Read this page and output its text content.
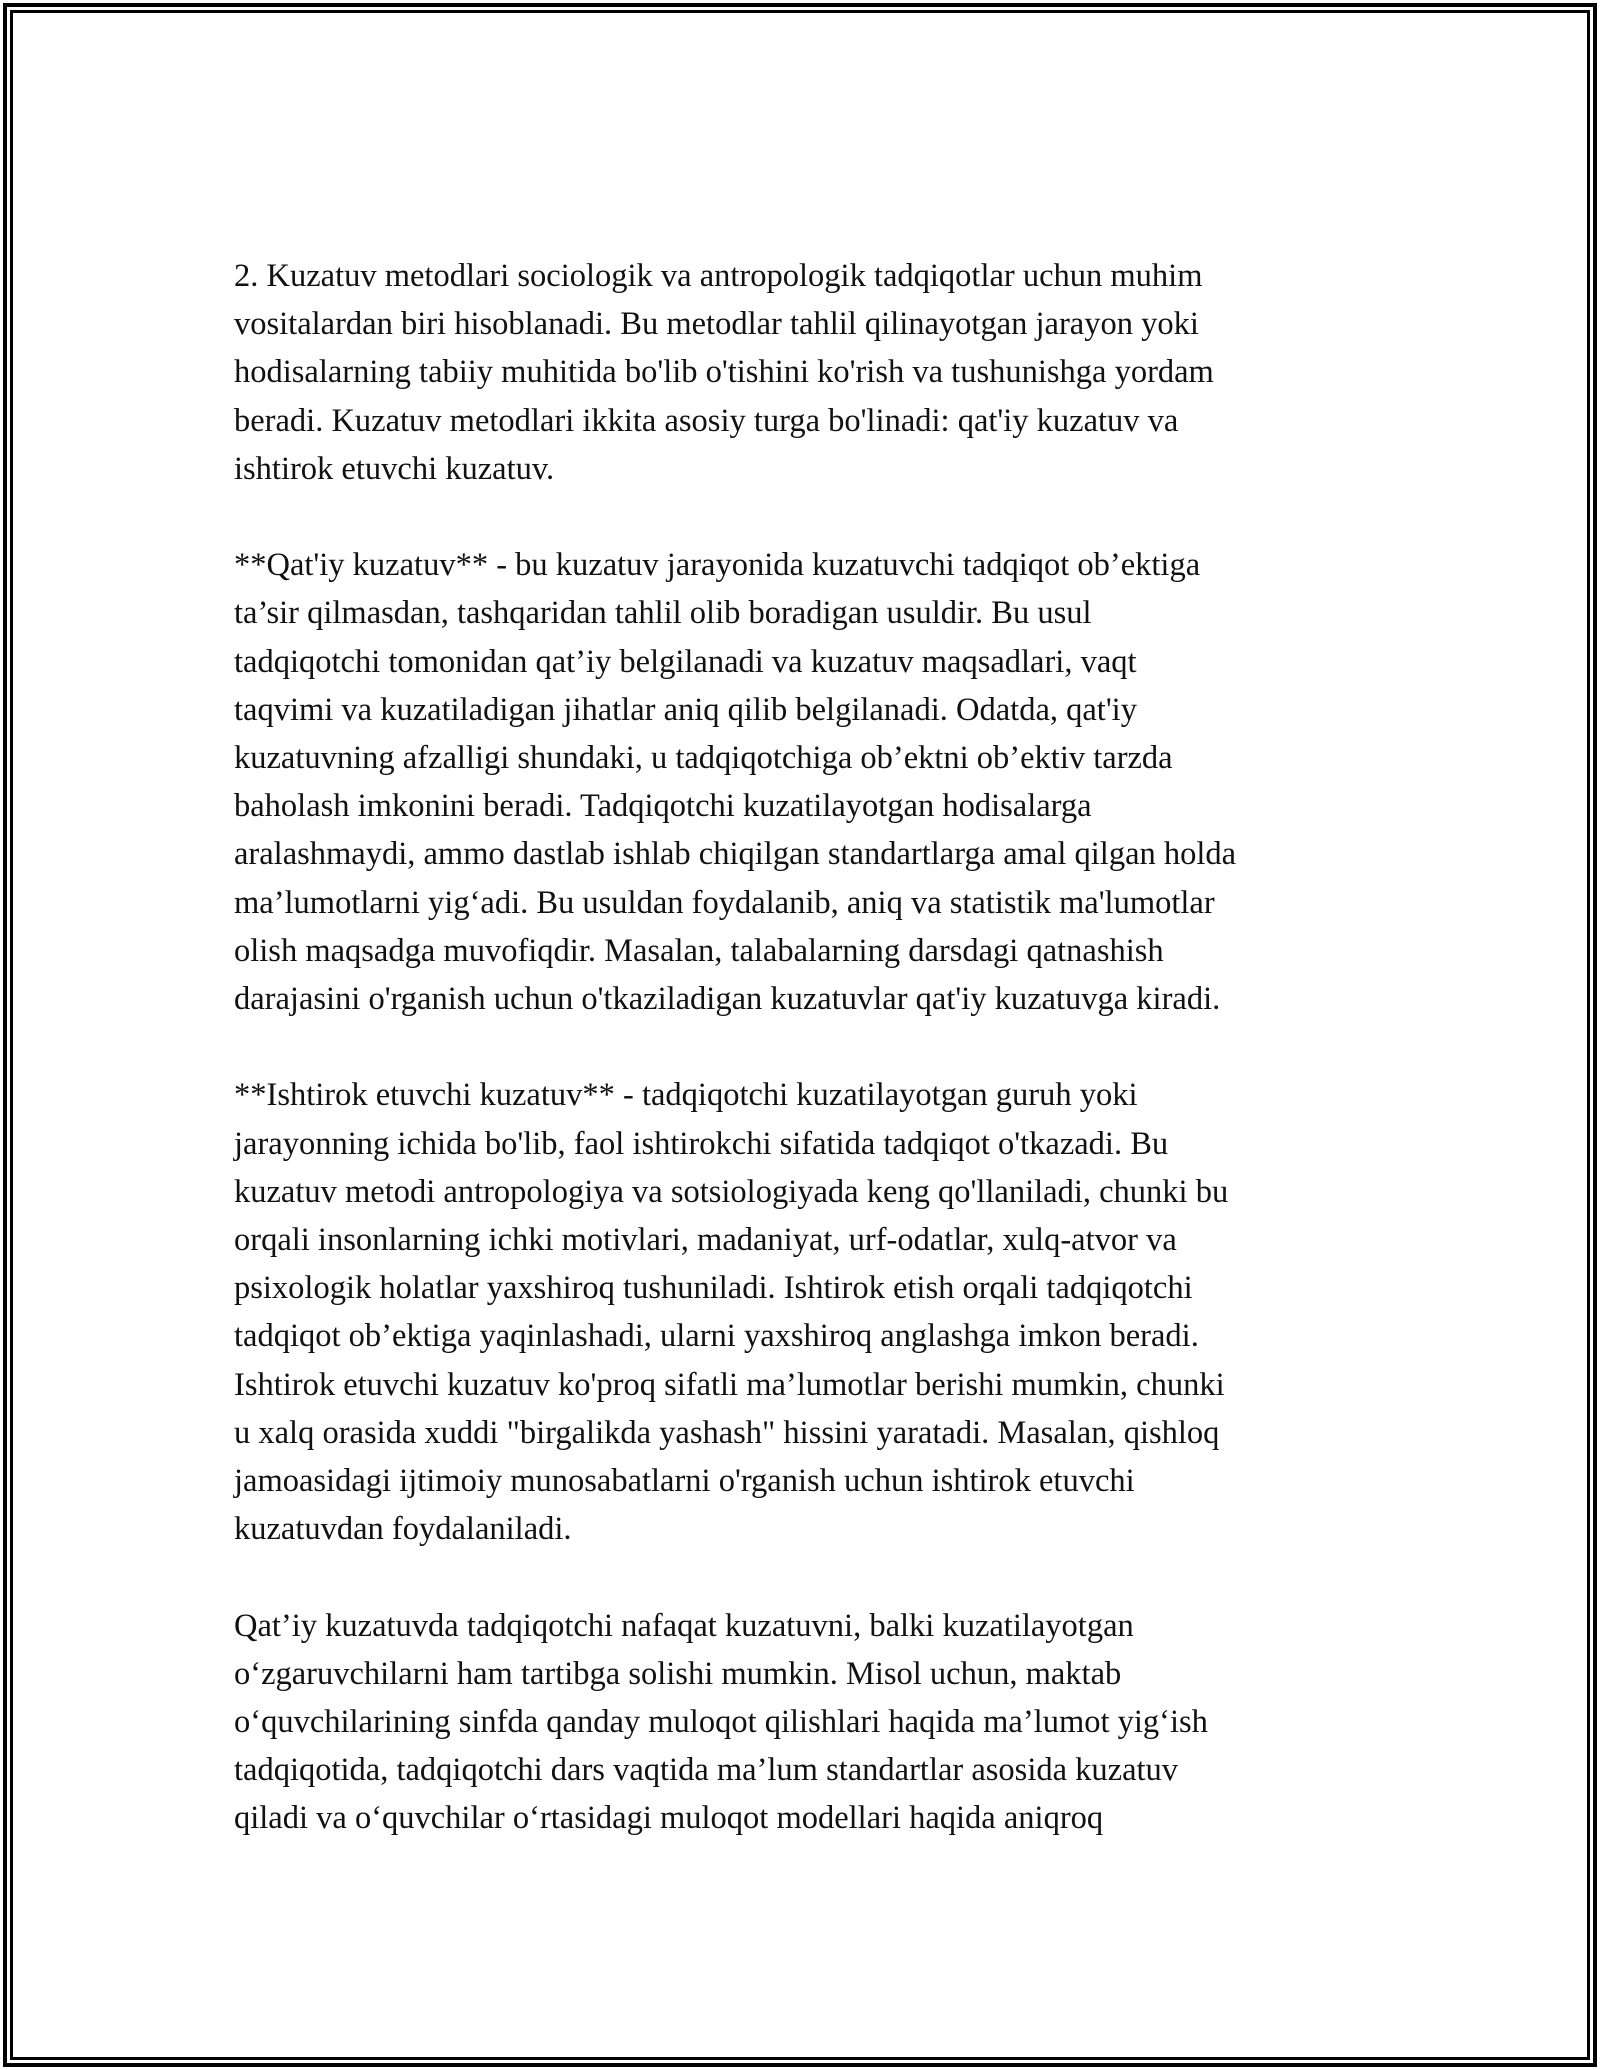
2. Kuzatuv metodlari sociologik va antropologik tadqiqotlar uchun muhim
vositalardan biri hisoblanadi. Bu metodlar tahlil qilinayotgan jarayon yoki
hodisalarning tabiiy muhitida bo'lib o'tishini ko'rish va tushunishga yordam
beradi. Kuzatuv metodlari ikkita asosiy turga bo'linadi: qat'iy kuzatuv va
ishtirok etuvchi kuzatuv.

**Qat'iy kuzatuv** - bu kuzatuv jarayonida kuzatuvchi tadqiqot ob’ektiga
ta’sir qilmasdan, tashqaridan tahlil olib boradigan usuldir. Bu usul
tadqiqotchi tomonidan qat’iy belgilanadi va kuzatuv maqsadlari, vaqt
taqvimi va kuzatiladigan jihatlar aniq qilib belgilanadi. Odatda, qat'iy
kuzatuvning afzalligi shundaki, u tadqiqotchiga ob’ektni ob’ektiv tarzda
baholash imkonini beradi. Tadqiqotchi kuzatilayotgan hodisalarga
aralashmaydi, ammo dastlab ishlab chiqilgan standartlarga amal qilgan holda
ma’lumotlarni yig‘adi. Bu usuldan foydalanib, aniq va statistik ma'lumotlar
olish maqsadga muvofiqdir. Masalan, talabalarning darsdagi qatnashish
darajasini o'rganish uchun o'tkaziladigan kuzatuvlar qat'iy kuzatuvga kiradi.

**Ishtirok etuvchi kuzatuv** - tadqiqotchi kuzatilayotgan guruh yoki
jarayonning ichida bo'lib, faol ishtirokchi sifatida tadqiqot o'tkazadi. Bu
kuzatuv metodi antropologiya va sotsiologiyada keng qo'llaniladi, chunki bu
orqali insonlarning ichki motivlari, madaniyat, urf-odatlar, xulq-atvor va
psixologik holatlar yaxshiroq tushuniladi. Ishtirok etish orqali tadqiqotchi
tadqiqot ob’ektiga yaqinlashadi, ularni yaxshiroq anglashga imkon beradi.
Ishtirok etuvchi kuzatuv ko'proq sifatli ma’lumotlar berishi mumkin, chunki
u xalq orasida xuddi "birgalikda yashash" hissini yaratadi. Masalan, qishloq
jamoasidagi ijtimoiy munosabatlarni o'rganish uchun ishtirok etuvchi
kuzatuvdan foydalaniladi.

Qat’iy kuzatuvda tadqiqotchi nafaqat kuzatuvni, balki kuzatilayotgan
o‘zgaruvchilarni ham tartibga solishi mumkin. Misol uchun, maktab
o‘quvchilarining sinfda qanday muloqot qilishlari haqida ma’lumot yig‘ish
tadqiqotida, tadqiqotchi dars vaqtida ma’lum standartlar asosida kuzatuv
qiladi va o‘quvchilar o‘rtasidagi muloqot modellari haqida aniqroq
